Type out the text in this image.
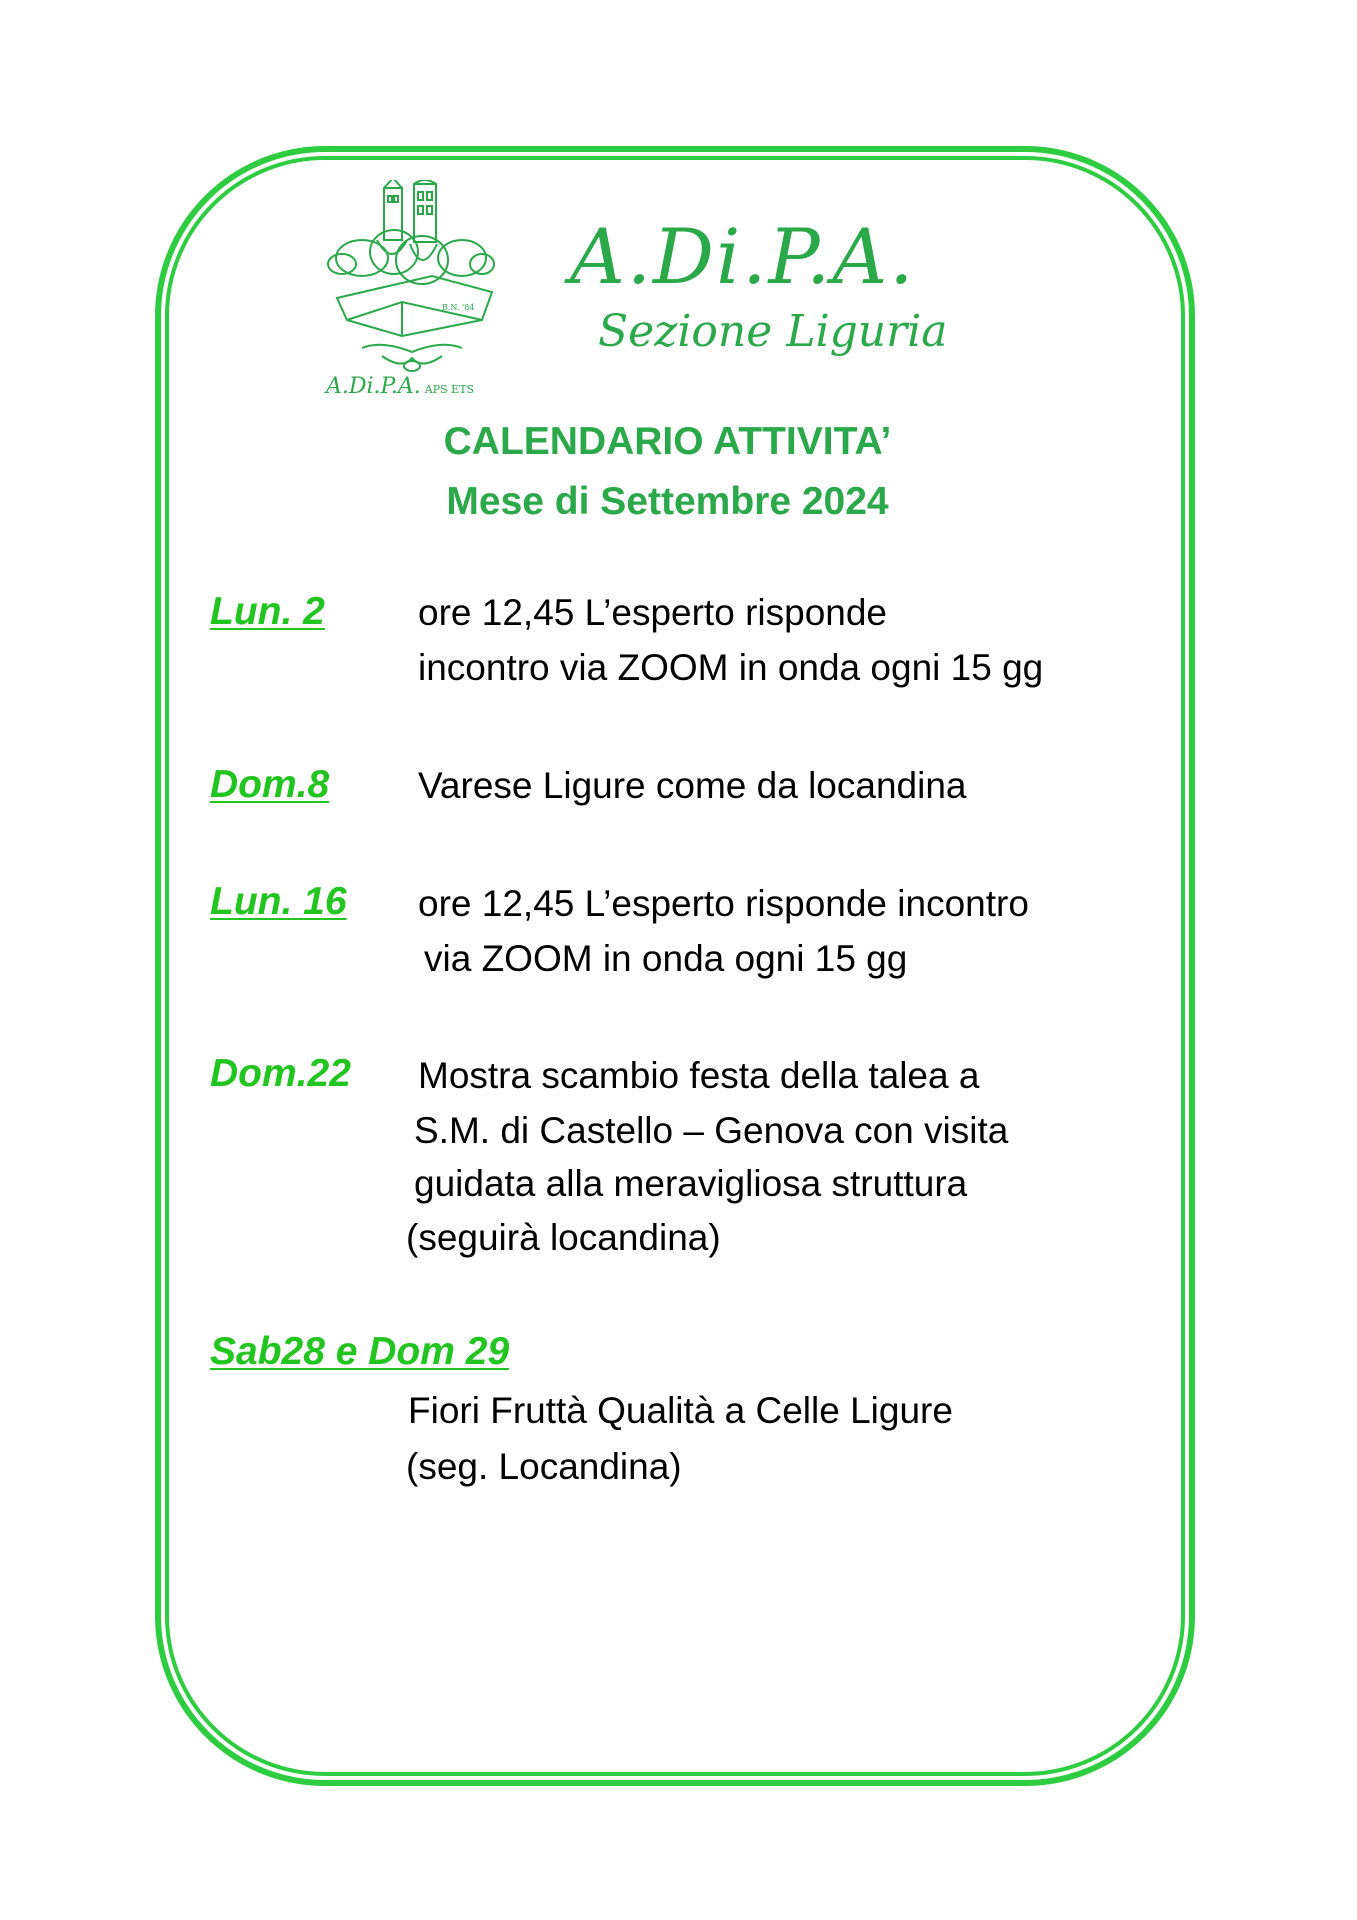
B.N. '84
A.Di.P.A. APS ETS
A.Di.P.A.
Sezione Liguria
CALENDARIO ATTIVITA’
Mese di Settembre 2024
Lun. 2	ore 12,45 L’esperto risponde
incontro via ZOOM in onda ogni 15 gg
Dom.8 Varese Ligure come da locandina
Lun. 16 ore 12,45 L’esperto risponde incontro
via ZOOM in onda ogni 15 gg
Dom.22 Mostra scambio festa della talea a
S.M. di Castello – Genova con visita
guidata alla meravigliosa struttura
(seguirà locandina)
Sab28 e Dom 29
Fiori Fruttà Qualità a Celle Ligure
(seg. Locandina)
